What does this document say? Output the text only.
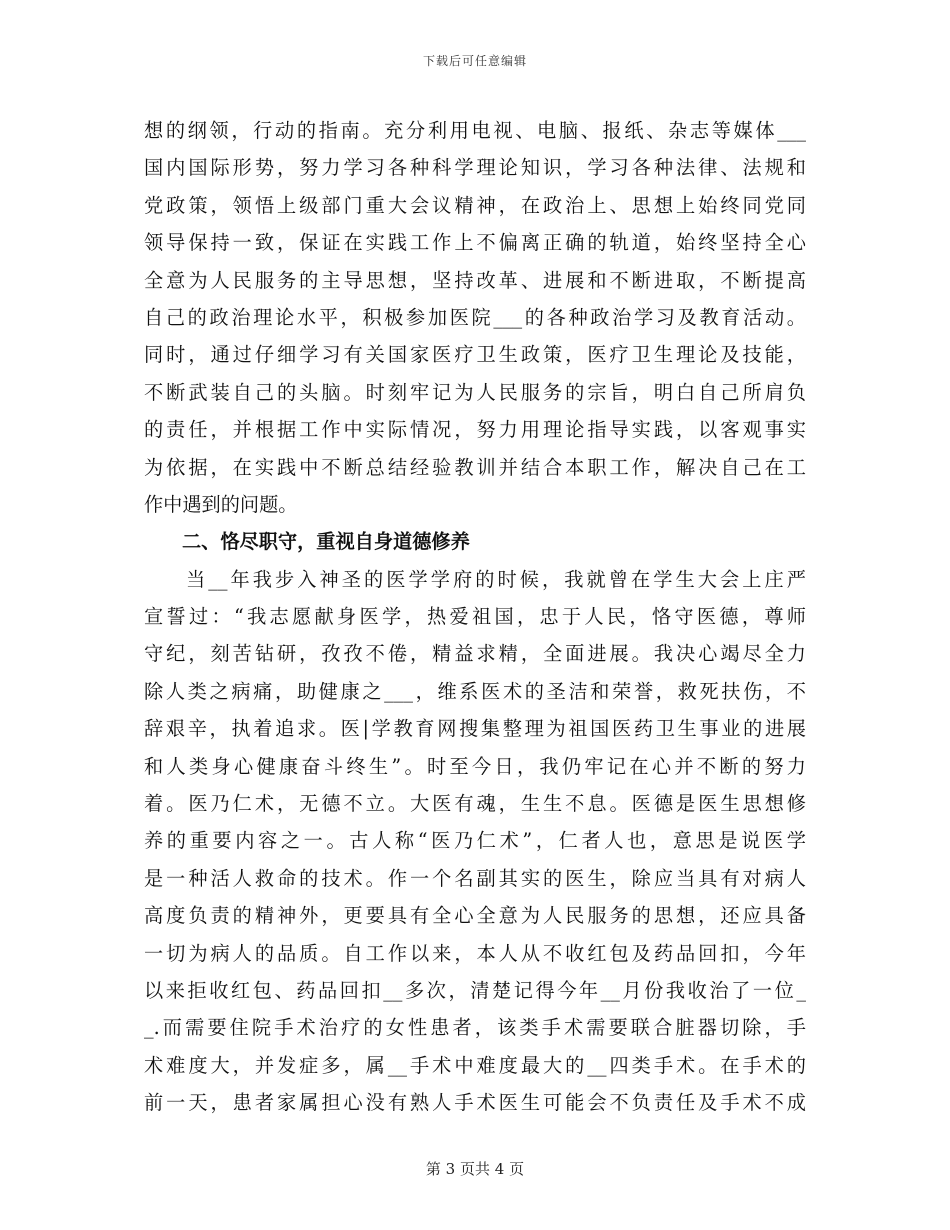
下载后可任意编辑
想的纲领，行动的指南。充分利用电视、电脑、报纸、杂志等媒体___
国内国际形势，努力学习各种科学理论知识，学习各种法律、法规和
党政策，领悟上级部门重大会议精神，在政治上、思想上始终同党同
领导保持一致，保证在实践工作上不偏离正确的轨道，始终坚持全心
全意为人民服务的主导思想，坚持改革、进展和不断进取，不断提高
自己的政治理论水平，积极参加医院___的各种政治学习及教育活动。
同时，通过仔细学习有关国家医疗卫生政策，医疗卫生理论及技能，
不断武装自己的头脑。时刻牢记为人民服务的宗旨，明白自己所肩负
的责任，并根据工作中实际情况，努力用理论指导实践，以客观事实
为依据，在实践中不断总结经验教训并结合本职工作，解决自己在工
作中遇到的问题。
二、恪尽职守，重视自身道德修养
当__年我步入神圣的医学学府的时候，我就曾在学生大会上庄严
宣誓过：“我志愿献身医学，热爱祖国，忠于人民，恪守医德，尊师
守纪，刻苦钻研，孜孜不倦，精益求精，全面进展。我决心竭尽全力
除人类之病痛，助健康之___，维系医术的圣洁和荣誉，救死扶伤，不
辞艰辛，执着追求。医|学教育网搜集整理为祖国医药卫生事业的进展
和人类身心健康奋斗终生”。时至今日，我仍牢记在心并不断的努力
着。医乃仁术，无德不立。大医有魂，生生不息。医德是医生思想修
养的重要内容之一。古人称“医乃仁术”，仁者人也，意思是说医学
是一种活人救命的技术。作一个名副其实的医生，除应当具有对病人
高度负责的精神外，更要具有全心全意为人民服务的思想，还应具备
一切为病人的品质。自工作以来，本人从不收红包及药品回扣，今年
以来拒收红包、药品回扣__多次，清楚记得今年__月份我收治了一位_
_.而需要住院手术治疗的女性患者，该类手术需要联合脏器切除，手
术难度大，并发症多，属__手术中难度最大的__四类手术。在手术的
前一天，患者家属担心没有熟人手术医生可能会不负责任及手术不成
第 3 页共 4 页
